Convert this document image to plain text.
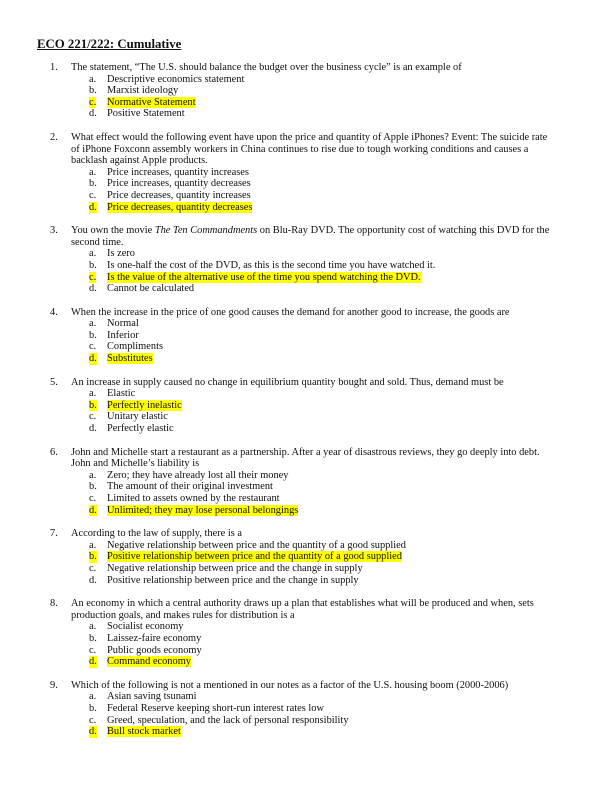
ECO 221/222: Cumulative
1. The statement, “The U.S. should balance the budget over the business cycle” is an example of
a. Descriptive economics statement
b. Marxist ideology
c. Normative Statement
d. Positive Statement
2. What effect would the following event have upon the price and quantity of Apple iPhones? Event: The suicide rate of iPhone Foxconn assembly workers in China continues to rise due to tough working conditions and causes a backlash against Apple products.
a. Price increases, quantity increases
b. Price increases, quantity decreases
c. Price decreases, quantity increases
d. Price decreases, quantity decreases
3. You own the movie The Ten Commandments on Blu-Ray DVD. The opportunity cost of watching this DVD for the second time.
a. Is zero
b. Is one-half the cost of the DVD, as this is the second time you have watched it.
c. Is the value of the alternative use of the time you spend watching the DVD.
d. Cannot be calculated
4. When the increase in the price of one good causes the demand for another good to increase, the goods are
a. Normal
b. Inferior
c. Compliments
d. Substitutes
5. An increase in supply caused no change in equilibrium quantity bought and sold. Thus, demand must be
a. Elastic
b. Perfectly inelastic
c. Unitary elastic
d. Perfectly elastic
6. John and Michelle start a restaurant as a partnership. After a year of disastrous reviews, they go deeply into debt. John and Michelle’s liability is
a. Zero; they have already lost all their money
b. The amount of their original investment
c. Limited to assets owned by the restaurant
d. Unlimited; they may lose personal belongings
7. According to the law of supply, there is a
a. Negative relationship between price and the quantity of a good supplied
b. Positive relationship between price and the quantity of a good supplied
c. Negative relationship between price and the change in supply
d. Positive relationship between price and the change in supply
8. An economy in which a central authority draws up a plan that establishes what will be produced and when, sets production goals, and makes rules for distribution is a
a. Socialist economy
b. Laissez-faire economy
c. Public goods economy
d. Command economy
9. Which of the following is not a mentioned in our notes as a factor of the U.S. housing boom (2000-2006)
a. Asian saving tsunami
b. Federal Reserve keeping short-run interest rates low
c. Greed, speculation, and the lack of personal responsibility
d. Bull stock market
